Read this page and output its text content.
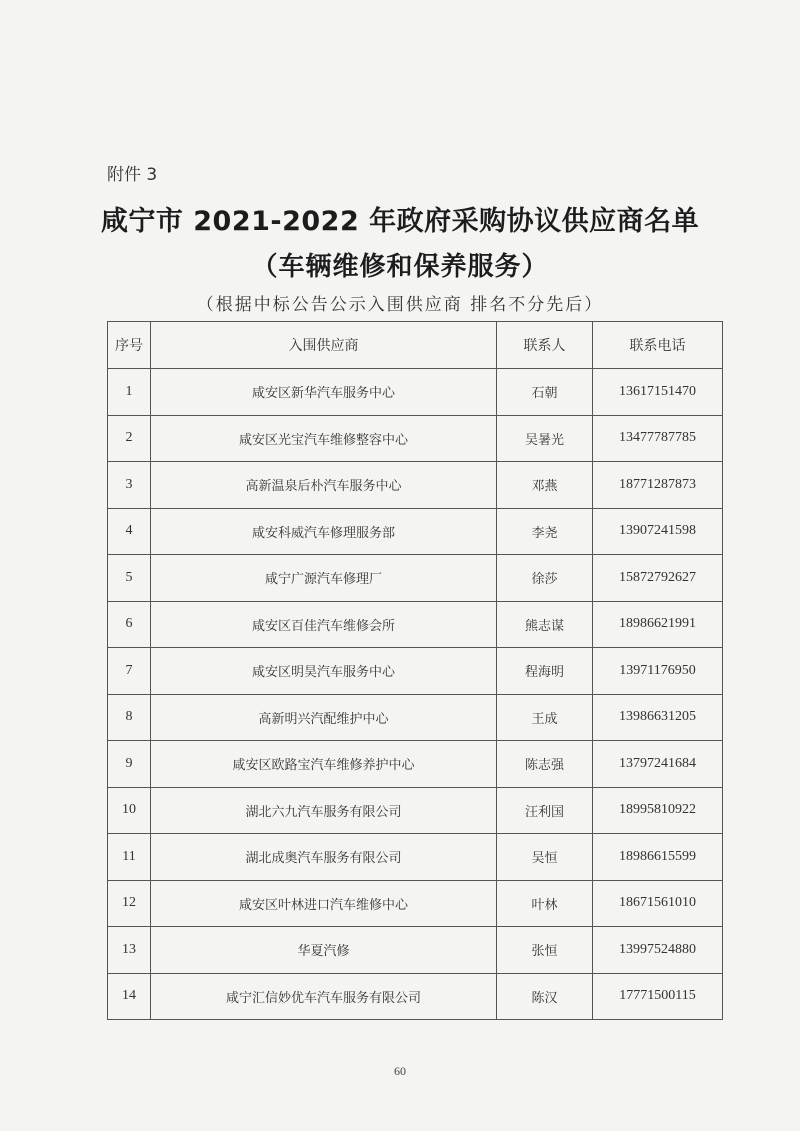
附件 3
咸宁市 2021-2022 年政府采购协议供应商名单
（车辆维修和保养服务）
（根据中标公告公示入围供应商 排名不分先后）
序号	入围供应商	联系人	联系电话
1	咸安区新华汽车服务中心	石朝	13617151470
2	咸安区光宝汽车维修整容中心	吴暑光	13477787785
3	高新温泉后朴汽车服务中心	邓燕	18771287873
4	咸安科威汽车修理服务部	李尧	13907241598
5	咸宁广源汽车修理厂	徐莎	15872792627
6	咸安区百佳汽车维修会所	熊志谋	18986621991
7	咸安区明昊汽车服务中心	程海明	13971176950
8	高新明兴汽配维护中心	王成	13986631205
9	咸安区欧路宝汽车维修养护中心	陈志强	13797241684
10	湖北六九汽车服务有限公司	汪利国	18995810922
11	湖北成奥汽车服务有限公司	吴恒	18986615599
12	咸安区叶林进口汽车维修中心	叶林	18671561010
13	华夏汽修	张恒	13997524880
14	咸宁汇信妙优车汽车服务有限公司	陈汉	17771500115
60
